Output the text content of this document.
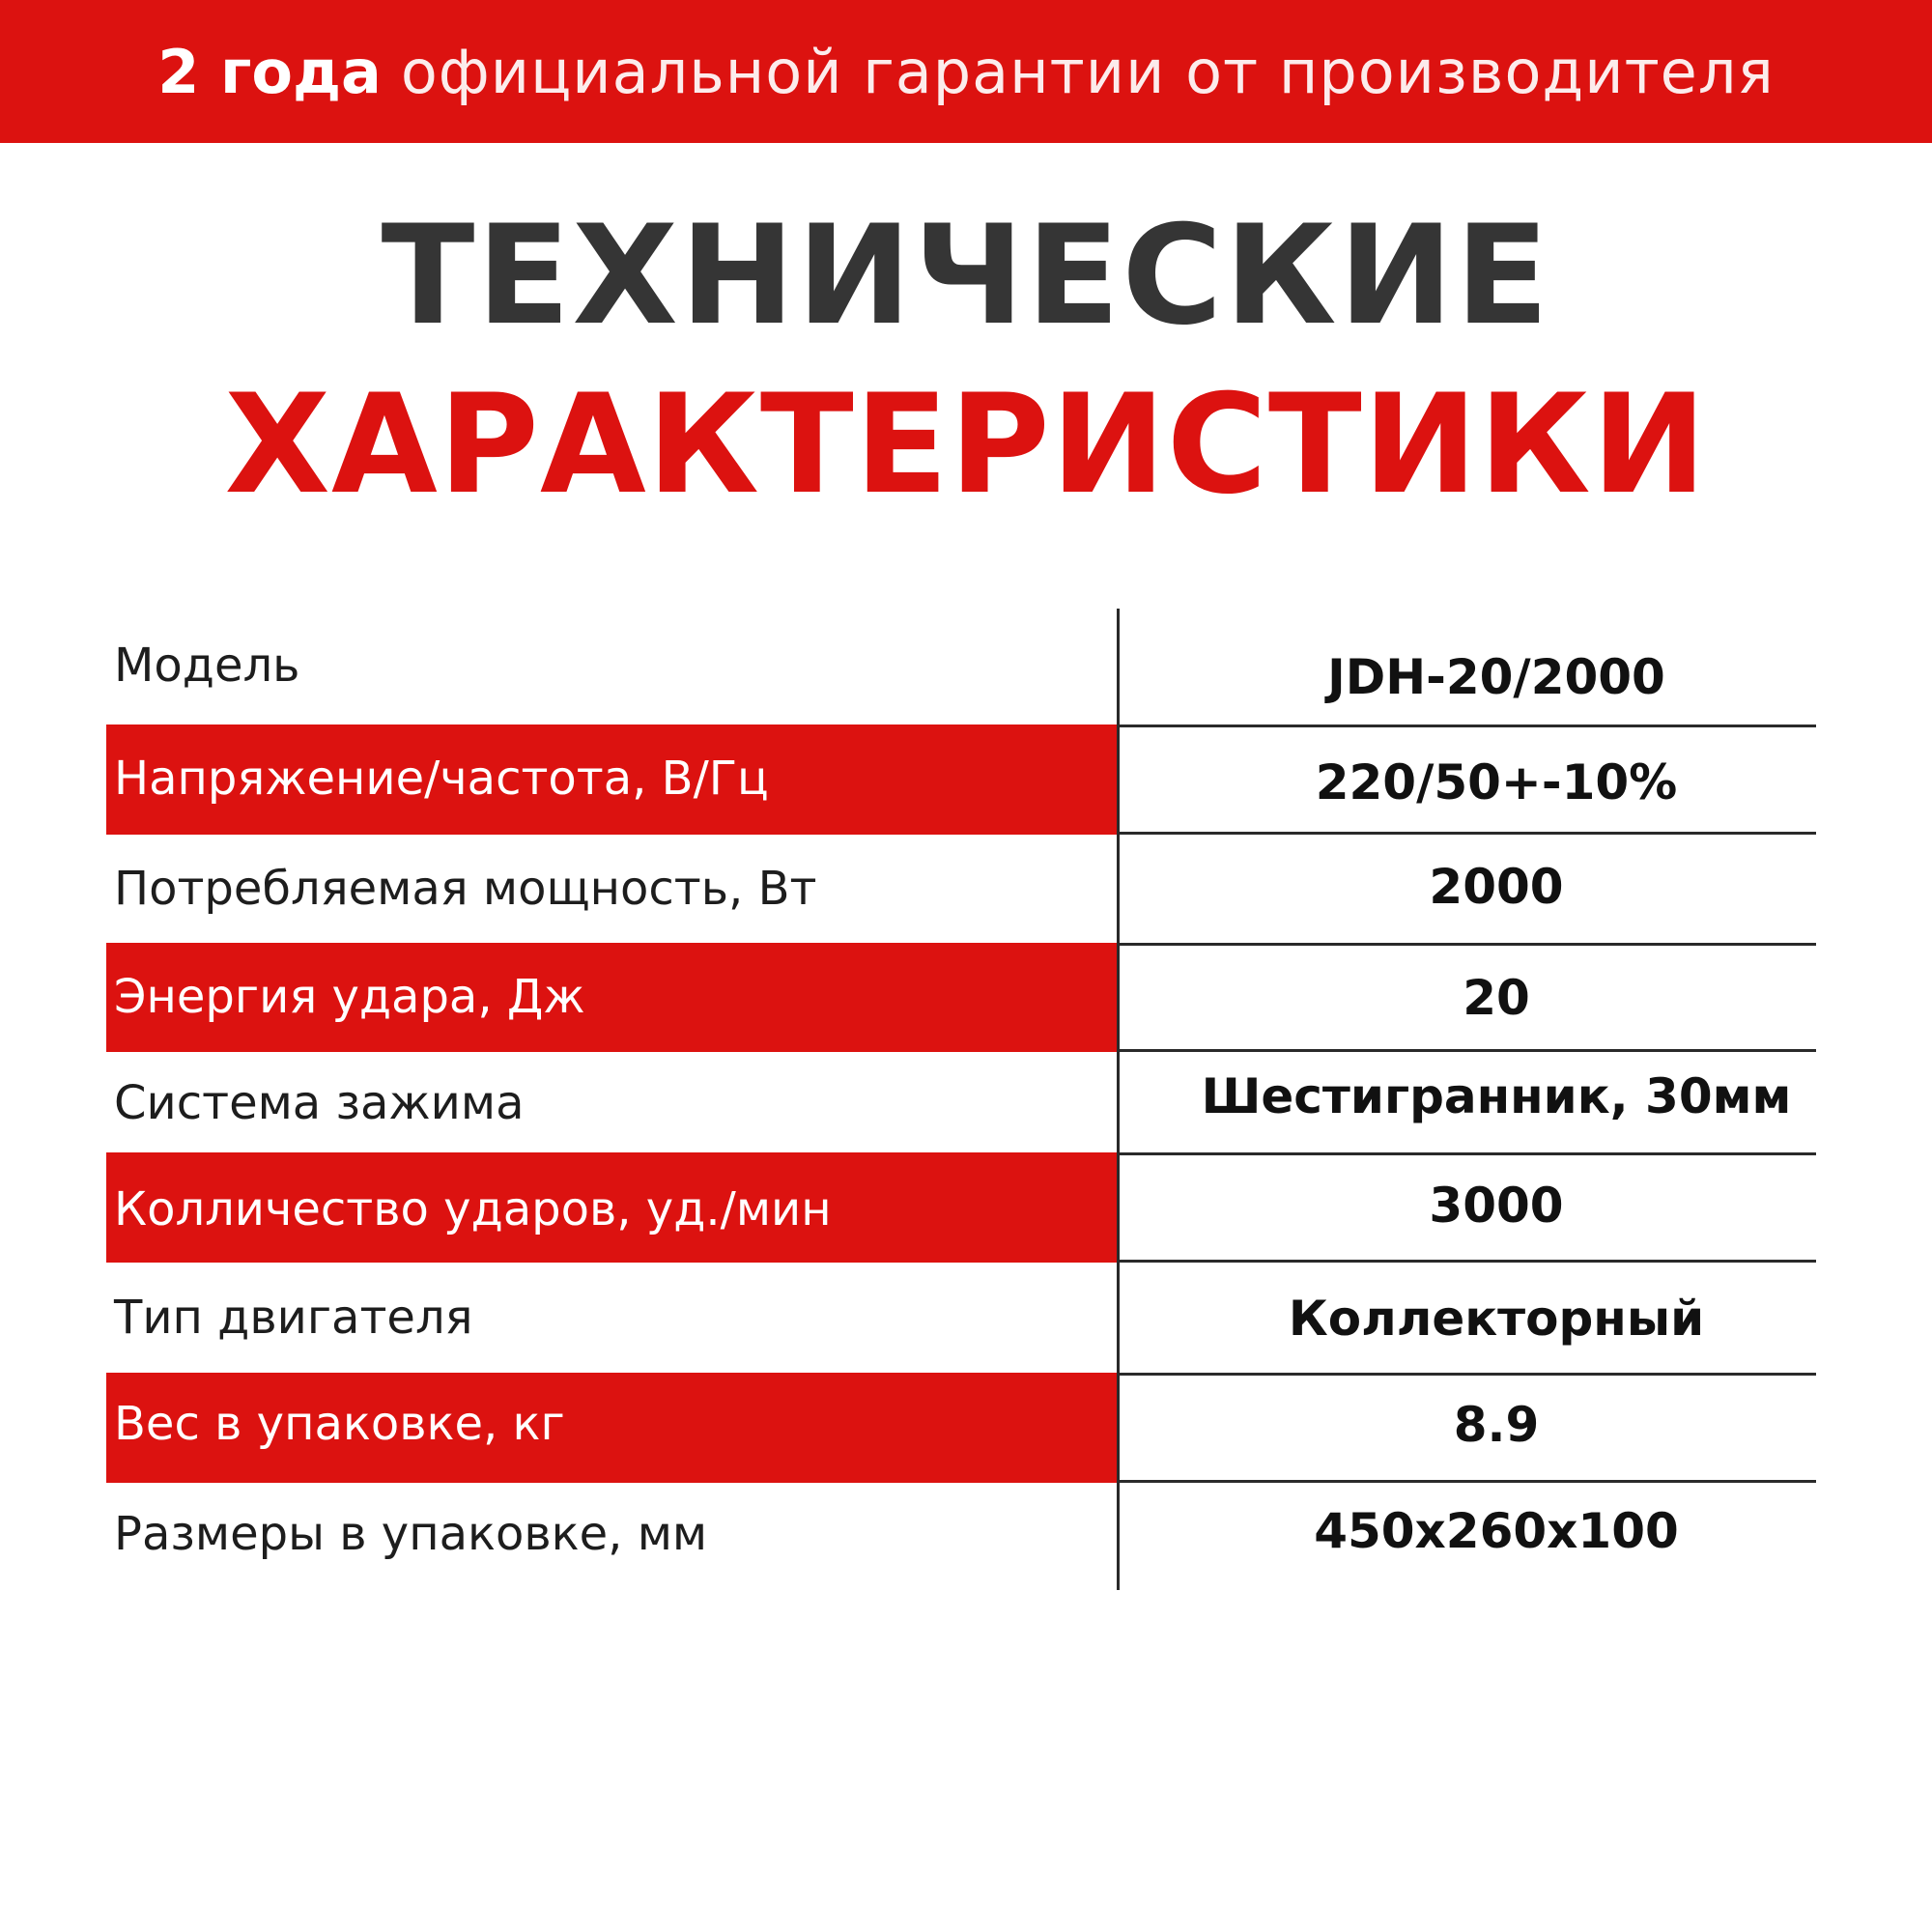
2 года официальной гарантии от производителя
ТЕХНИЧЕСКИЕ
ХАРАКТЕРИСТИКИ
Модель
Напряжение/частота, В/Гц
Потребляемая мощность, Вт
Энергия удара, Дж
Система зажима
Колличество ударов, уд./мин
Тип двигателя
Вес в упаковке, кг
Размеры в упаковке, мм
JDH-20/2000
220/50+-10%
2000
20
Шестигранник, 30мм
3000
Коллекторный
8.9
450x260x100
